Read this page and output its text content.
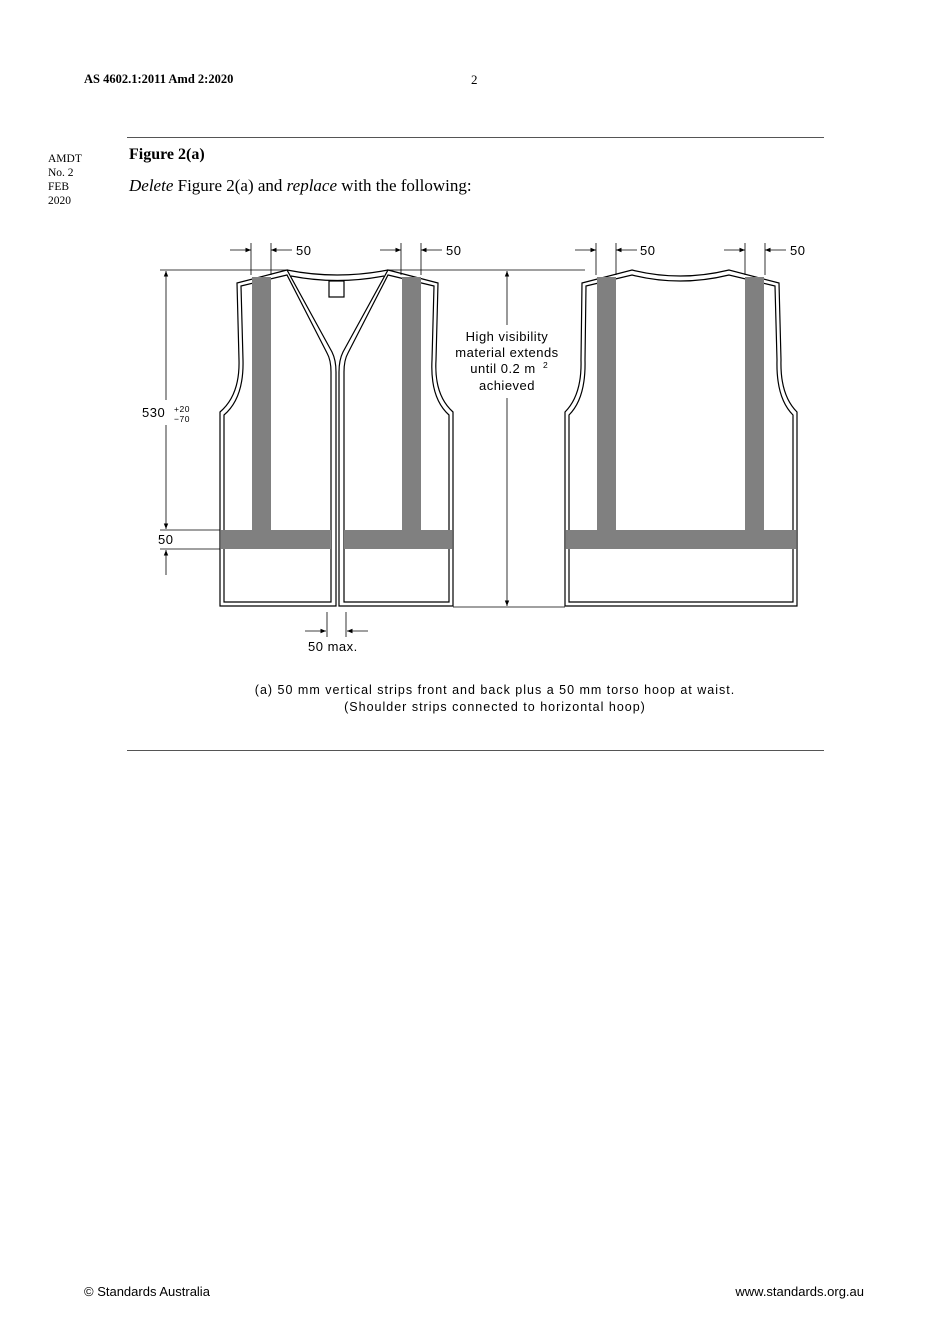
AS 4602.1:2011 Amd 2:2020	2
AMDT
No. 2
FEB
2020
Figure 2(a)
Delete Figure 2(a) and replace with the following:
50	50	50	50
530 +20
−70
50
50 max.
High visibility
material extends
until 0.2 m 2
achieved
(a) 50 mm vertical strips front and back plus a 50 mm torso hoop at waist.
(Shoulder strips connected to horizontal hoop)
© Standards Australia	www.standards.org.au
